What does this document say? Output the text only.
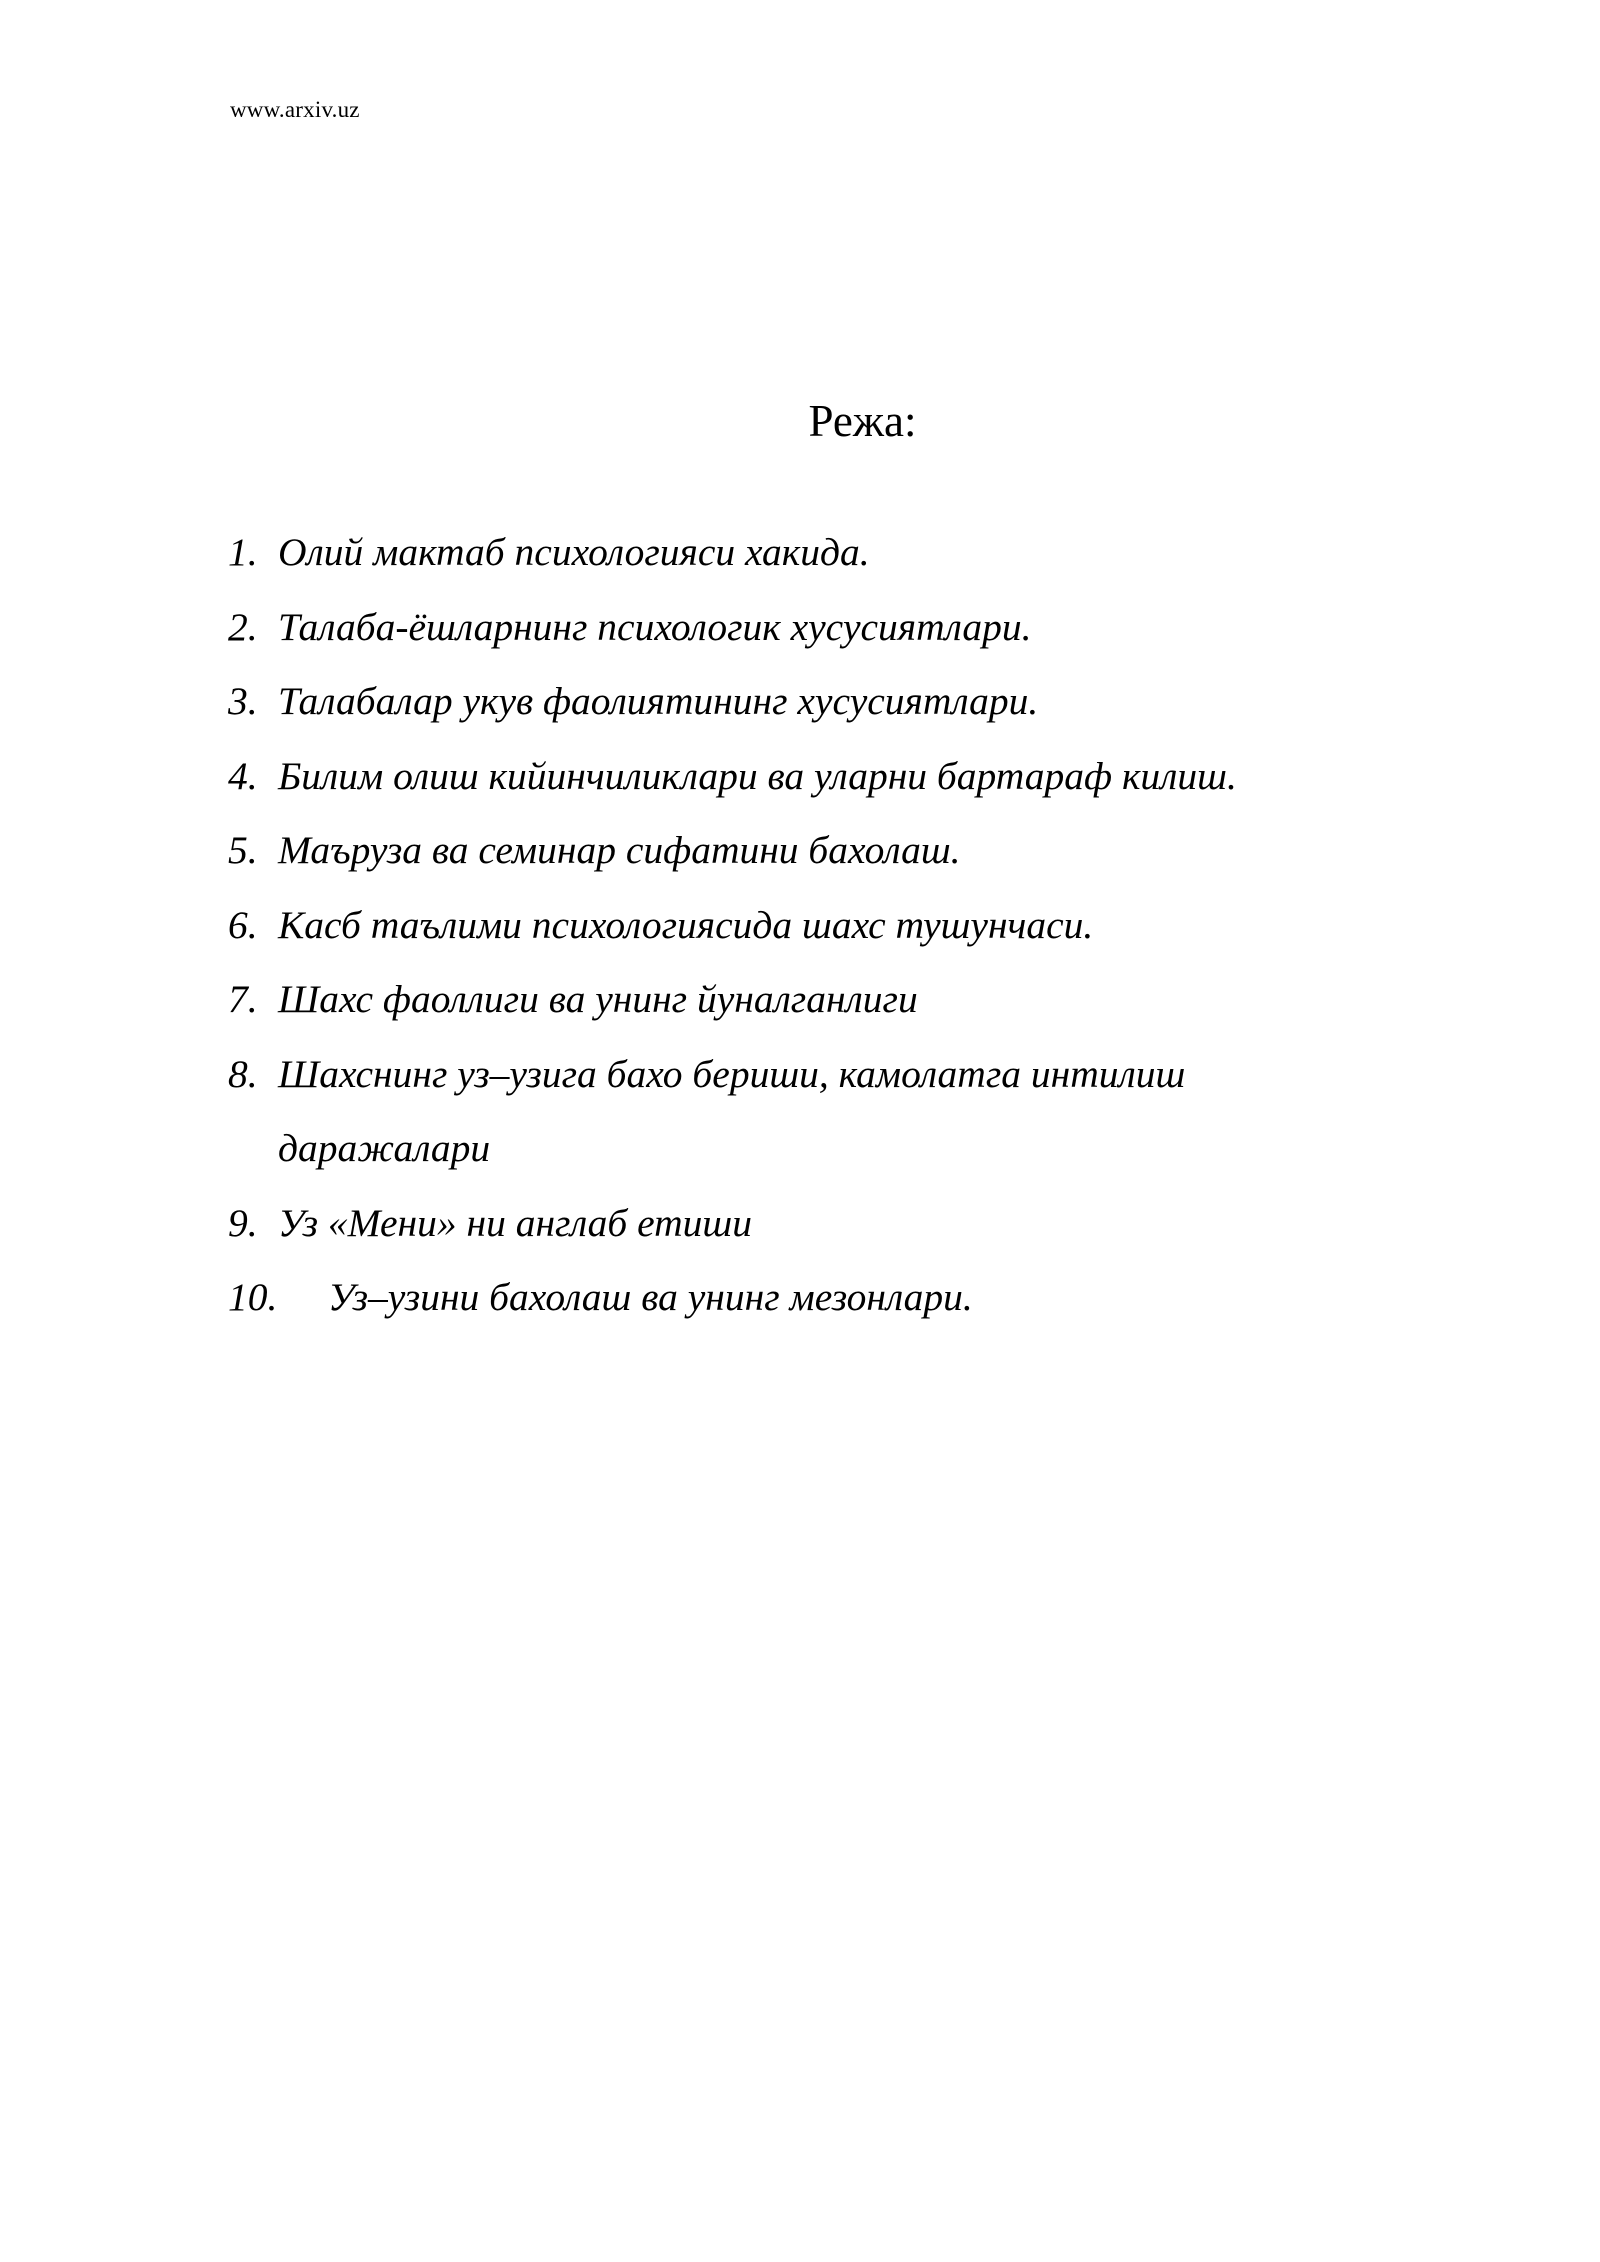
www.arxiv.uz
Режа:
1. Олий мактаб психологияси хакида.
2. Талаба-ёшларнинг психологик хусусиятлари.
3. Талабалар укув фаолиятининг хусусиятлари.
4. Билим олиш кийинчиликлари ва уларни бартараф килиш.
5. Маъруза ва семинар сифатини бахолаш.
6. Касб таълими психологиясида шахс тушунчаси.
7. Шахс фаоллиги ва унинг йуналганлиги
8. Шахснинг уз–узига бахо бериши, камолатга интилиш даражалари
9. Уз «Мени» ни англаб етиши
10.	Уз–узини бахолаш ва унинг мезонлари.
